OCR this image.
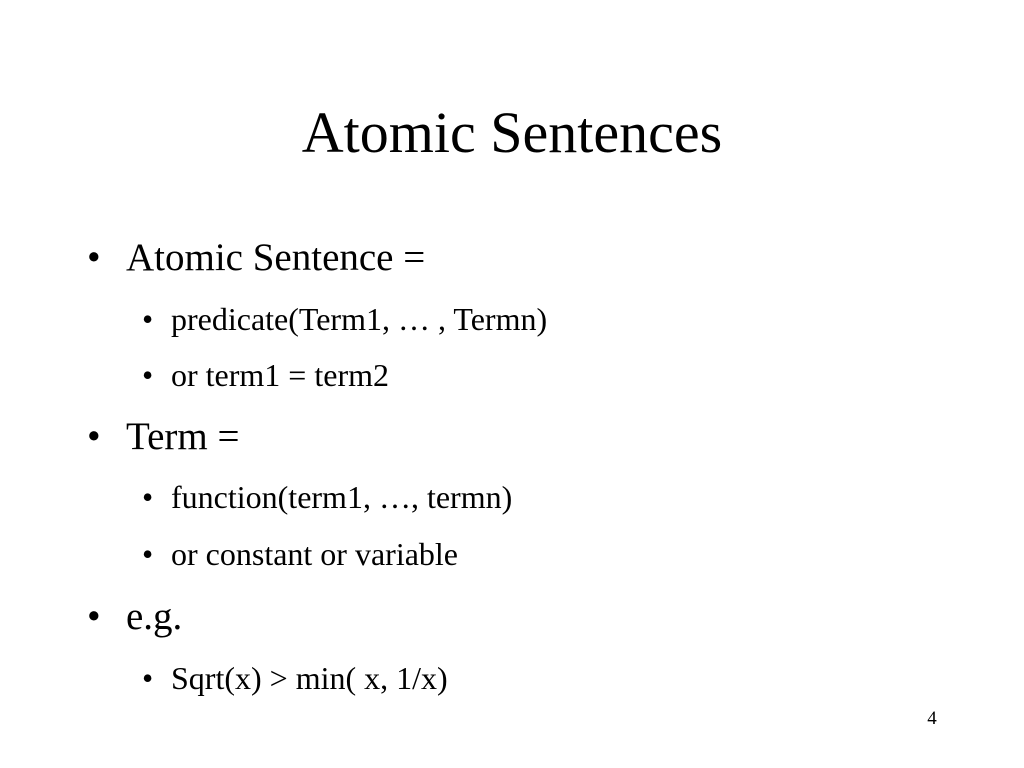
Atomic Sentences
• Atomic Sentence =
• predicate(Term1, … , Termn)
• or term1 = term2
• Term =
• function(term1, …, termn)
• or constant or variable
• e.g.
• Sqrt(x) > min( x, 1/x)
4
